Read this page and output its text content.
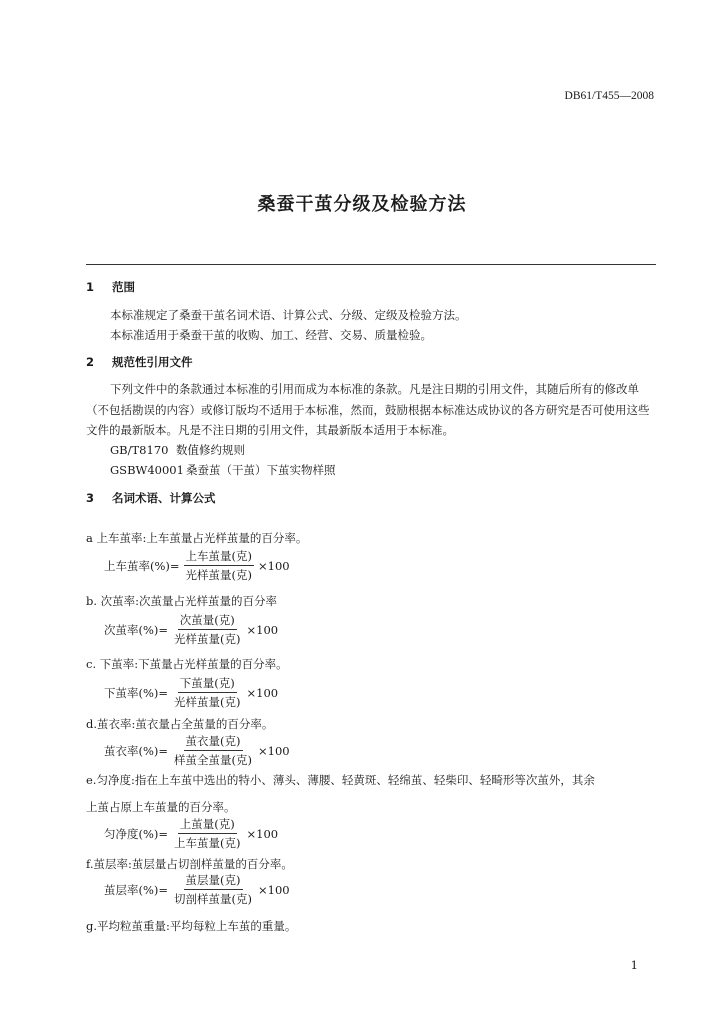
DB61/T455—2008
桑蚕干茧分级及检验方法
1 范围
本标准规定了桑蚕干茧名词术语、计算公式、分级、定级及检验方法。
本标准适用于桑蚕干茧的收购、加工、经营、交易、质量检验。
2 规范性引用文件
下列文件中的条款通过本标准的引用而成为本标准的条款。凡是注日期的引用文件，其随后所有的修改单（不包括勘误的内容）或修订版均不适用于本标准，然而，鼓励根据本标准达成协议的各方研究是否可使用这些文件的最新版本。凡是不注日期的引用文件，其最新版本适用于本标准。
GB/T8170 数值修约规则
GSBW40001 桑蚕茧（干茧）下茧实物样照
3 名词术语、计算公式
a 上车茧率:上车茧量占光样茧量的百分率。
上车茧率(%)= $\frac{\text{上车茧量(克)}}{\text{光样茧量(克)}} \times 100$
b. 次茧率:次茧量占光样茧量的百分率
次茧率(%)= $\frac{\text{次茧量(克)}}{\text{光样茧量(克)}} \times 100$
c. 下茧率:下茧量占光样茧量的百分率。
下茧率(%)= $\frac{\text{下茧量(克)}}{\text{光样茧量(克)}} \times 100$
d.茧衣率:茧衣量占全茧量的百分率。
茧衣率(%)= $\frac{\text{茧衣量(克)}}{\text{样茧全茧量(克)}} \times 100$
e.匀净度:指在上车茧中选出的特小、薄头、薄腰、轻黄斑、轻绵茧、轻柴印、轻畸形等次茧外，其余
上茧占原上车茧量的百分率。
匀净度(%)= $\frac{\text{上茧量(克)}}{\text{上车茧量(克)}} \times 100$
f.茧层率:茧层量占切剖样茧量的百分率。
茧层率(%)= $\frac{\text{茧层量(克)}}{\text{切剖样茧量(克)}} \times 100$
g.平均粒茧重量:平均每粒上车茧的重量。
1
